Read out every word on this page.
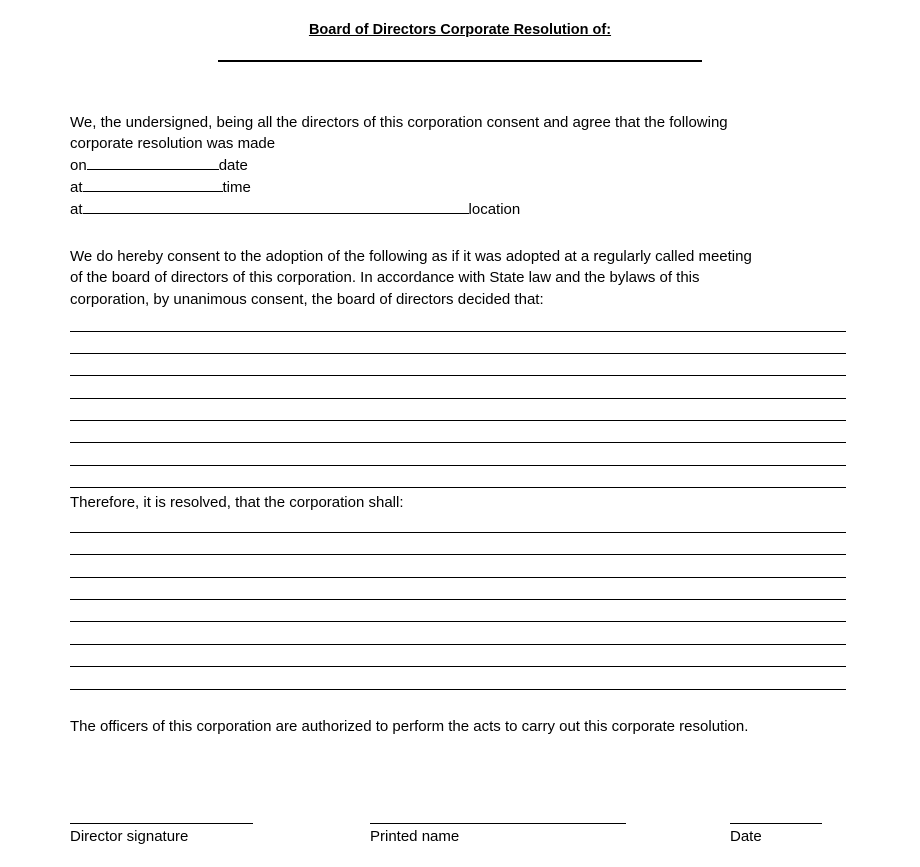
Board of Directors Corporate Resolution of:
We, the undersigned, being all the directors of this corporation consent and agree that the following
corporate resolution was made
on	date
at	time
at	location
We do hereby consent to the adoption of the following as if it was adopted at a regularly called meeting
of the board of directors of this corporation. In accordance with State law and the bylaws of this
corporation, by unanimous consent, the board of directors decided that:
Therefore, it is resolved, that the corporation shall:
The officers of this corporation are authorized to perform the acts to carry out this corporate resolution.
Director signature	Printed name	Date
